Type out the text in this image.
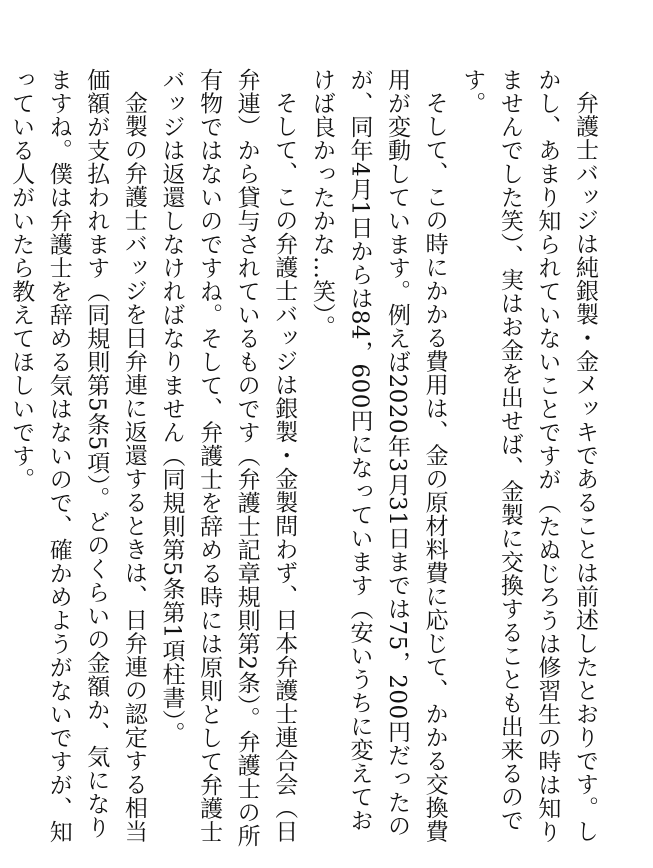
弁護士バッジは純銀製・金メッキであることは前述したとおりです。しかし、あまり知られていないことですが（たぬじろうは修習生の時は知りませんでした笑）、実はお金を出せば、金製に交換することも出来るのです。

そして、この時にかかる費用は、金の原材料費に応じて、かかる交換費用が変動しています。例えば2020年3月31日までは75，200円だったのが、同年4月1日からは84，600円になっています（安いうちに変えておけば良かったかな…笑）。

そして、この弁護士バッジは銀製・金製問わず、日本弁護士連合会（日弁連）から貸与されているものです（弁護士記章規則第2条）。弁護士の所有物ではないのですね。そして、弁護士を辞める時には原則として弁護士バッジは返還しなければなりません（同規則第5条第1項柱書）。

金製の弁護士バッジを日弁連に返還するときは、日弁連の認定する相当価額が支払われます（同規則第5条5項）。どのくらいの金額か、気になりますね。僕は弁護士を辞める気はないので、確かめようがないですが、知っている人がいたら教えてほしいです。
